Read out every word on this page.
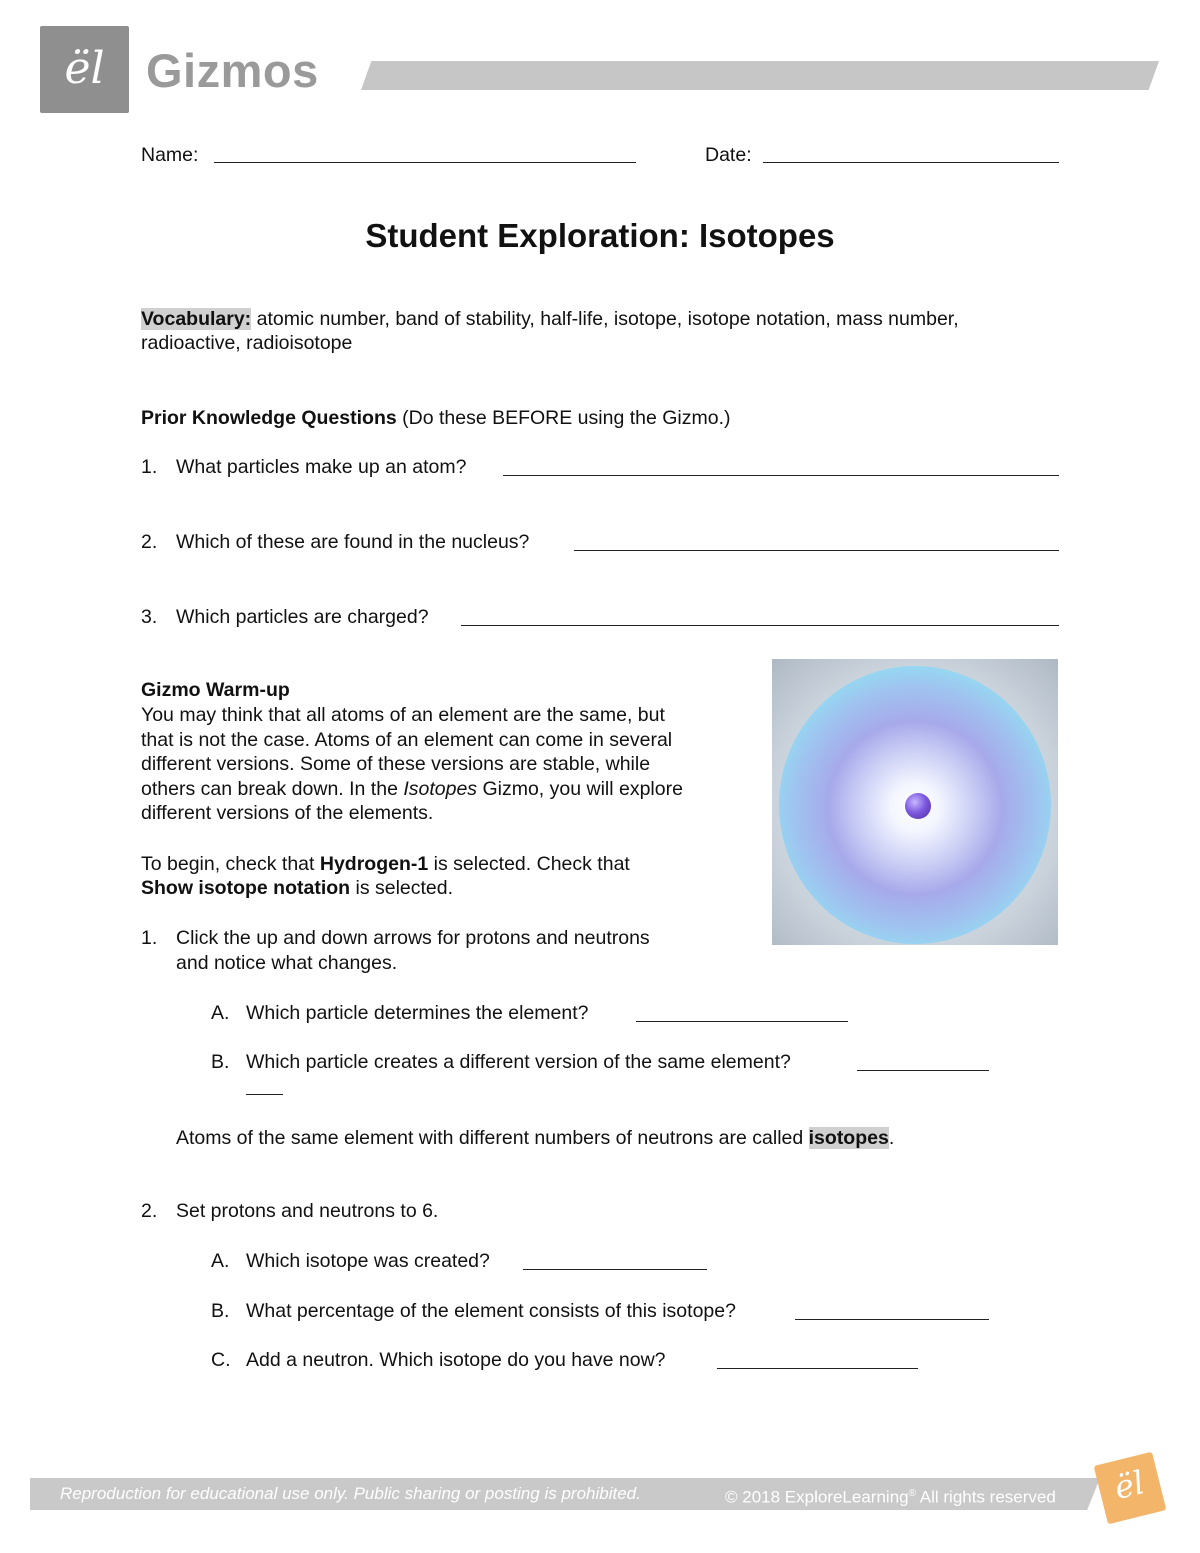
ël Gizmos
Name:	Date:
Student Exploration: Isotopes
Vocabulary: atomic number, band of stability, half-life, isotope, isotope notation, mass number,
radioactive, radioisotope
Prior Knowledge Questions (Do these BEFORE using the Gizmo.)
1. What particles make up an atom?
2. Which of these are found in the nucleus?
3. Which particles are charged?
Gizmo Warm-up
You may think that all atoms of an element are the same, but
that is not the case. Atoms of an element can come in several
different versions. Some of these versions are stable, while
others can break down. In the Isotopes Gizmo, you will explore
different versions of the elements.
To begin, check that Hydrogen-1 is selected. Check that
Show isotope notation is selected.
1. Click the up and down arrows for protons and neutrons
and notice what changes.
A. Which particle determines the element?
B. Which particle creates a different version of the same element?
Atoms of the same element with different numbers of neutrons are called isotopes.
2. Set protons and neutrons to 6.
A. Which isotope was created?
B. What percentage of the element consists of this isotope?
C. Add a neutron. Which isotope do you have now?
Reproduction for educational use only. Public sharing or posting is prohibited.	© 2018 ExploreLearning® All rights reserved	ël
